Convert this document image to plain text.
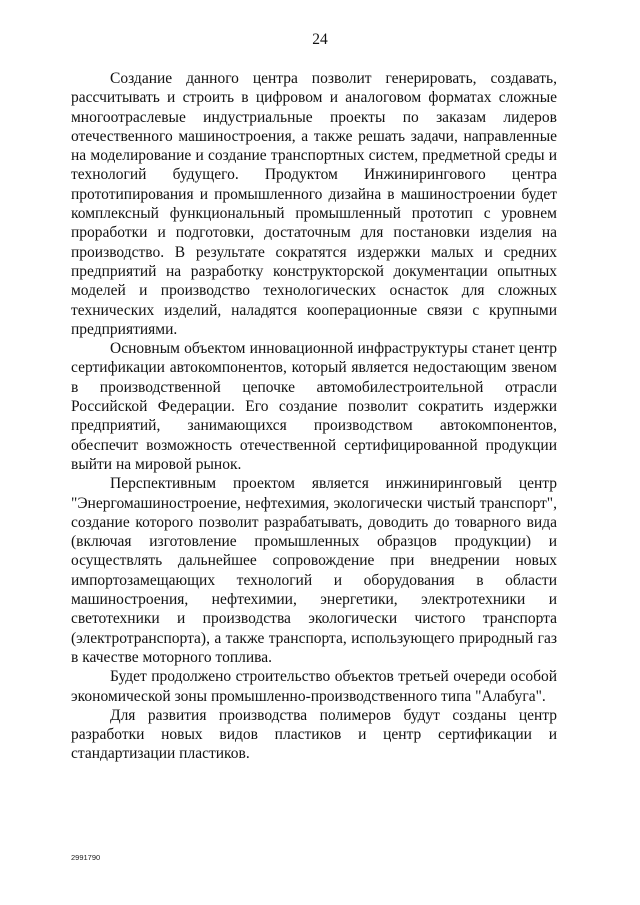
24

Создание данного центра позволит генерировать, создавать, рассчитывать и строить в цифровом и аналоговом форматах сложные многоотраслевые индустриальные проекты по заказам лидеров отечественного машиностроения, а также решать задачи, направленные на моделирование и создание транспортных систем, предметной среды и технологий будущего. Продуктом Инжинирингового центра прототипирования и промышленного дизайна в машиностроении будет комплексный функциональный промышленный прототип с уровнем проработки и подготовки, достаточным для постановки изделия на производство. В результате сократятся издержки малых и средних предприятий на разработку конструкторской документации опытных моделей и производство технологических оснасток для сложных технических изделий, наладятся кооперационные связи с крупными предприятиями.

Основным объектом инновационной инфраструктуры станет центр сертификации автокомпонентов, который является недостающим звеном в производственной цепочке автомобилестроительной отрасли Российской Федерации. Его создание позволит сократить издержки предприятий, занимающихся производством автокомпонентов, обеспечит возможность отечественной сертифицированной продукции выйти на мировой рынок.

Перспективным проектом является инжиниринговый центр "Энергомашиностроение, нефтехимия, экологически чистый транспорт", создание которого позволит разрабатывать, доводить до товарного вида (включая изготовление промышленных образцов продукции) и осуществлять дальнейшее сопровождение при внедрении новых импортозамещающих технологий и оборудования в области машиностроения, нефтехимии, энергетики, электротехники и светотехники и производства экологически чистого транспорта (электротранспорта), а также транспорта, использующего природный газ в качестве моторного топлива.

Будет продолжено строительство объектов третьей очереди особой экономической зоны промышленно-производственного типа "Алабуга".

Для развития производства полимеров будут созданы центр разработки новых видов пластиков и центр сертификации и стандартизации пластиков.

2991790
